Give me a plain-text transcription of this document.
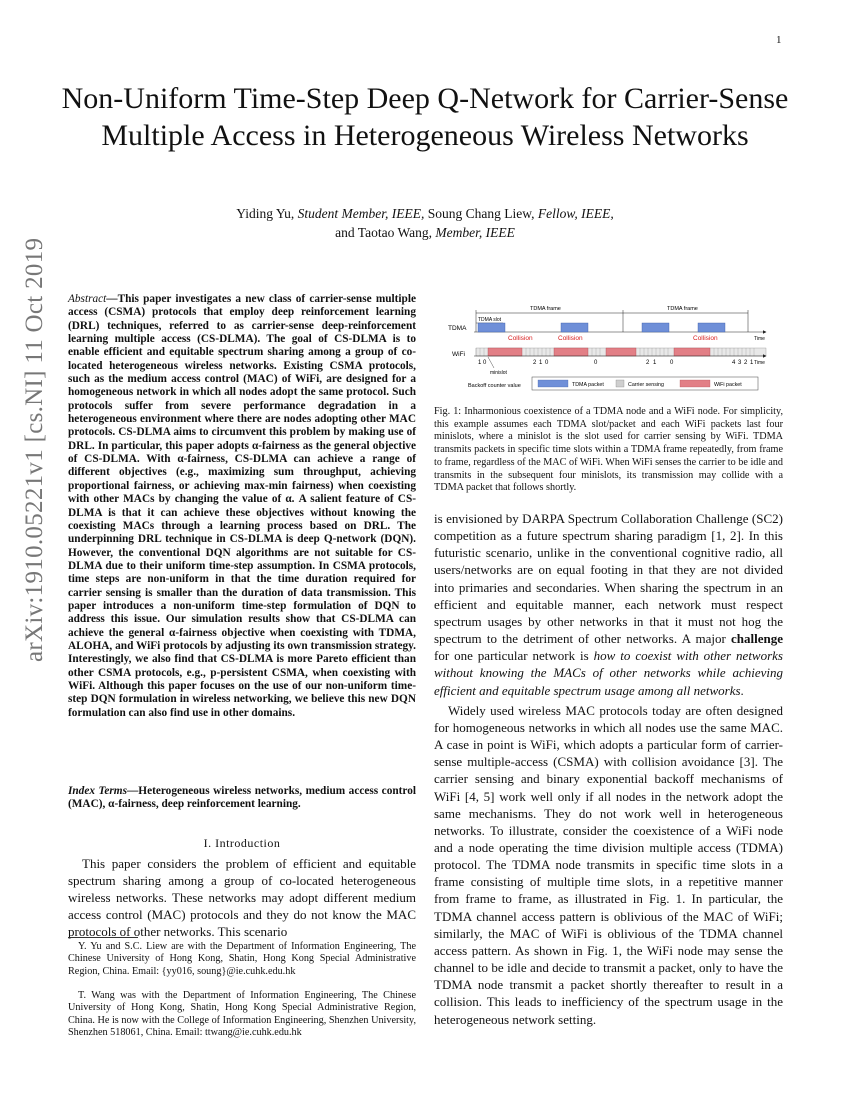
1
arXiv:1910.05221v1 [cs.NI] 11 Oct 2019
Non-Uniform Time-Step Deep Q-Network for Carrier-Sense Multiple Access in Heterogeneous Wireless Networks
Yiding Yu, Student Member, IEEE, Soung Chang Liew, Fellow, IEEE,
and Taotao Wang, Member, IEEE
Abstract—This paper investigates a new class of carrier-sense multiple access (CSMA) protocols that employ deep reinforcement learning (DRL) techniques, referred to as carrier-sense deep-reinforcement learning multiple access (CS-DLMA). The goal of CS-DLMA is to enable efficient and equitable spectrum sharing among a group of co-located heterogeneous wireless networks. Existing CSMA protocols, such as the medium access control (MAC) of WiFi, are designed for a homogeneous network in which all nodes adopt the same protocol. Such protocols suffer from severe performance degradation in a heterogeneous environment where there are nodes adopting other MAC protocols. CS-DLMA aims to circumvent this problem by making use of DRL. In particular, this paper adopts α-fairness as the general objective of CS-DLMA. With α-fairness, CS-DLMA can achieve a range of different objectives (e.g., maximizing sum throughput, achieving proportional fairness, or achieving max-min fairness) when coexisting with other MACs by changing the value of α. A salient feature of CS-DLMA is that it can achieve these objectives without knowing the coexisting MACs through a learning process based on DRL. The underpinning DRL technique in CS-DLMA is deep Q-network (DQN). However, the conventional DQN algorithms are not suitable for CS-DLMA due to their uniform time-step assumption. In CSMA protocols, time steps are non-uniform in that the time duration required for carrier sensing is smaller than the duration of data transmission. This paper introduces a non-uniform time-step formulation of DQN to address this issue. Our simulation results show that CS-DLMA can achieve the general α-fairness objective when coexisting with TDMA, ALOHA, and WiFi protocols by adjusting its own transmission strategy. Interestingly, we also find that CS-DLMA is more Pareto efficient than other CSMA protocols, e.g., p-persistent CSMA, when coexisting with WiFi. Although this paper focuses on the use of our non-uniform time-step DQN formulation in wireless networking, we believe this new DQN formulation can also find use in other domains.
Index Terms—Heterogeneous wireless networks, medium access control (MAC), α-fairness, deep reinforcement learning.
I. Introduction
This paper considers the problem of efficient and equitable spectrum sharing among a group of co-located heterogeneous wireless networks. These networks may adopt different medium access control (MAC) protocols and they do not know the MAC protocols of other networks. This scenario
Y. Yu and S.C. Liew are with the Department of Information Engineering, The Chinese University of Hong Kong, Shatin, Hong Kong Special Administrative Region, China. Email: {yy016, soung}@ie.cuhk.edu.hk
T. Wang was with the Department of Information Engineering, The Chinese University of Hong Kong, Shatin, Hong Kong Special Administrative Region, China. He is now with the College of Information Engineering, Shenzhen University, Shenzhen 518061, China. Email: ttwang@ie.cuhk.edu.hk
TDMA frame	TDMA frame
TDMA slot
TDMA
Time
Collision	Collision	Collision
WiFi
Time
1 0	2 1 0	0	2 1 0	4 3 2 1
minislot
Backoff counter value	TDMA packet	Carrier sensing	WiFi packet
Fig. 1: Inharmonious coexistence of a TDMA node and a WiFi node. For simplicity, this example assumes each TDMA slot/packet and each WiFi packets last four minislots, where a minislot is the slot used for carrier sensing by WiFi. TDMA transmits packets in specific time slots within a TDMA frame repeatedly, from frame to frame, regardless of the MAC of WiFi. When WiFi senses the carrier to be idle and transmits in the subsequent four minislots, its transmission may collide with a TDMA packet that follows shortly.

is envisioned by DARPA Spectrum Collaboration Challenge (SC2) competition as a future spectrum sharing paradigm [1, 2]. In this futuristic scenario, unlike in the conventional cognitive radio, all users/networks are on equal footing in that they are not divided into primaries and secondaries. When sharing the spectrum in an efficient and equitable manner, each network must respect spectrum usages by other networks in that it must not hog the spectrum to the detriment of other networks. A major challenge for one particular network is how to coexist with other networks without knowing the MACs of other networks while achieving efficient and equitable spectrum usage among all networks.

Widely used wireless MAC protocols today are often designed for homogeneous networks in which all nodes use the same MAC. A case in point is WiFi, which adopts a particular form of carrier-sense multiple-access (CSMA) with collision avoidance [3]. The carrier sensing and binary exponential backoff mechanisms of WiFi [4, 5] work well only if all nodes in the network adopt the same mechanisms. They do not work well in heterogeneous networks. To illustrate, consider the coexistence of a WiFi node and a node operating the time division multiple access (TDMA) protocol. The TDMA node transmits in specific time slots in a frame consisting of multiple time slots, in a repetitive manner from frame to frame, as illustrated in Fig. 1. In particular, the TDMA channel access pattern is oblivious of the MAC of WiFi; similarly, the MAC of WiFi is oblivious of the TDMA channel access pattern. As shown in Fig. 1, the WiFi node may sense the channel to be idle and decide to transmit a packet, only to have the TDMA node transmit a packet shortly thereafter to result in a collision. This leads to inefficiency of the spectrum usage in the heterogeneous network setting.
